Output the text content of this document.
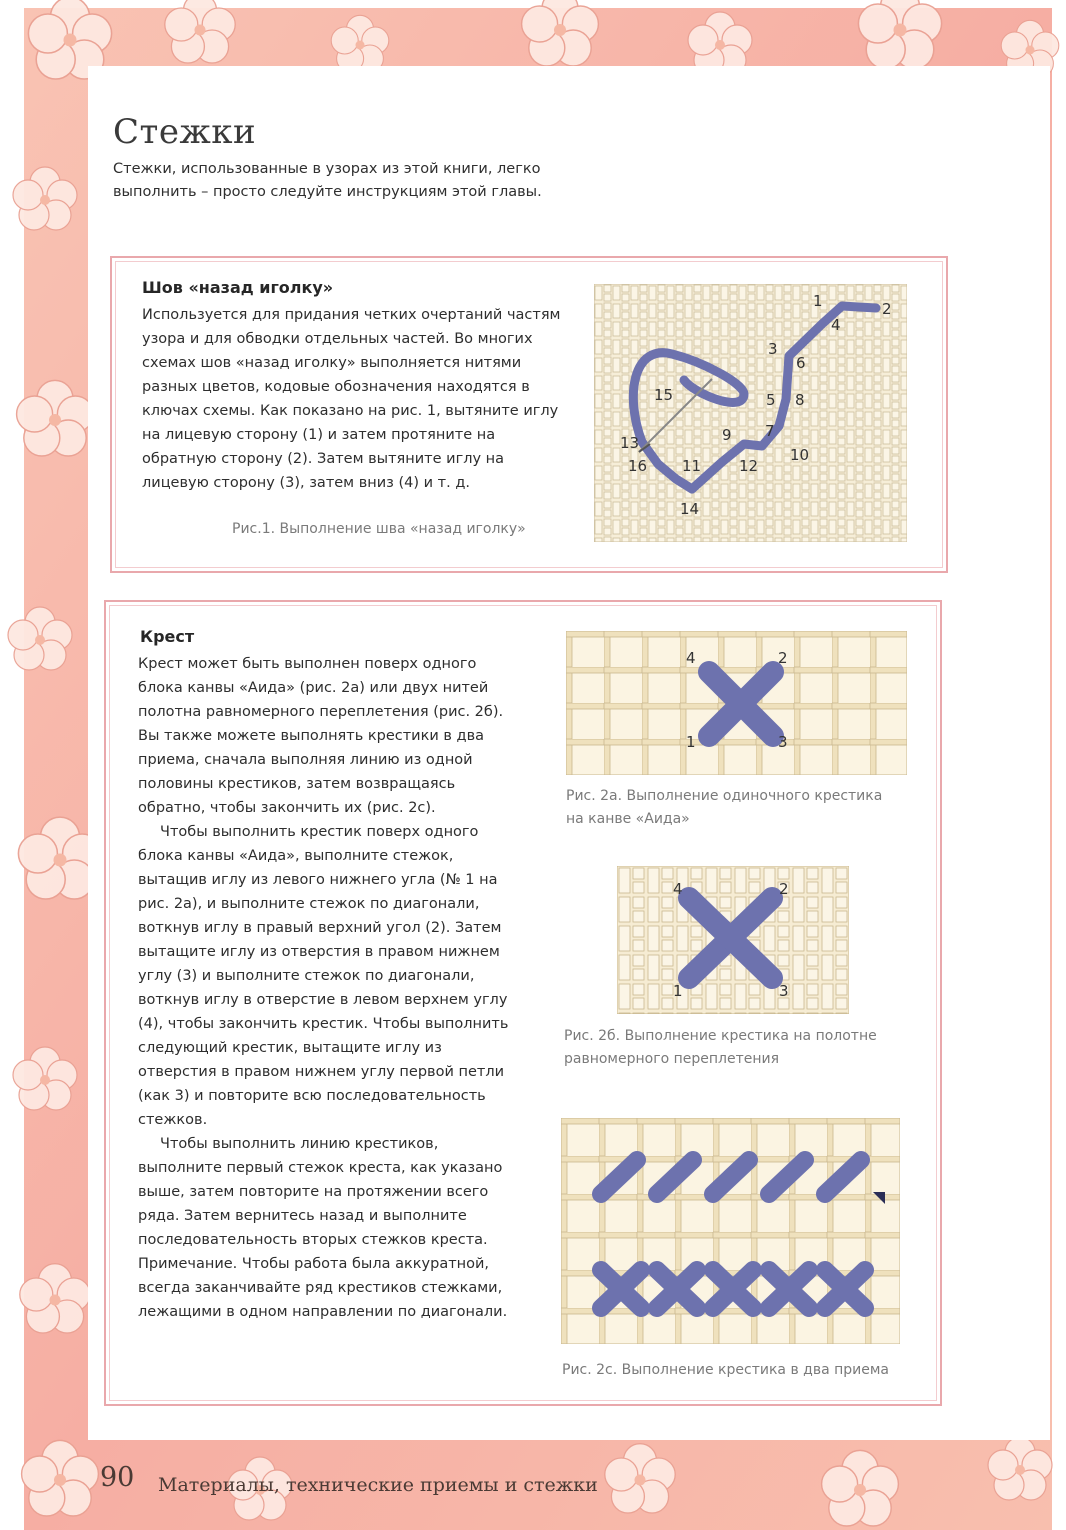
Стежки

Стежки, использованные в узорах из этой книги, легко выполнить – просто следуйте инструкциям этой главы.

Шов «назад иголку»

Используется для придания четких очертаний частям узора и для обводки отдельных частей. Во многих схемах шов «назад иголку» выполняется нитями разных цветов, кодовые обозначения находятся в ключах схемы. Как показано на рис. 1, вытяните иглу на лицевую сторону (1) и затем протяните на обратную сторону (2). Затем вытяните иглу на лицевую сторону (3), затем вниз (4) и т. д.

Рис.1. Выполнение шва «назад иголку»

1	2
3
4
5
6
7
8
9
10
11	12
13
14
15
16
Крест

Крест может быть выполнен поверх одного блока канвы «Аида» (рис. 2а) или двух нитей полотна равномерного переплетения (рис. 2б). Вы также можете выполнять крестики в два приема, сначала выполняя линию из одной половины крестиков, затем возвращаясь обратно, чтобы закончить их (рис. 2с).

Чтобы выполнить крестик поверх одного блока канвы «Аида», выполните стежок, вытащив иглу из левого нижнего угла (№ 1 на рис. 2а), и выполните стежок по диагонали, воткнув иглу в правый верхний угол (2). Затем вытащите иглу из отверстия в правом нижнем углу (3) и выполните стежок по диагонали, воткнув иглу в отверстие в левом верхнем углу (4), чтобы закончить крестик. Чтобы выполнить следующий крестик, вытащите иглу из отверстия в правом нижнем углу первой петли (как 3) и повторите всю последовательность стежков.

Чтобы выполнить линию крестиков, выполните первый стежок креста, как указано выше, затем повторите на протяжении всего ряда. Затем вернитесь назад и выполните последовательность вторых стежков креста. Примечание. Чтобы работа была аккуратной, всегда заканчивайте ряд крестиков стежками, лежащими в одном направлении по диагонали.

4	2
1	3

Рис. 2а. Выполнение одиночного крестика на канве «Аида»

4	2
1	3

Рис. 2б. Выполнение крестика на полотне равномерного переплетения

Рис. 2с. Выполнение крестика в два приема

90 Материалы, технические приемы и стежки
